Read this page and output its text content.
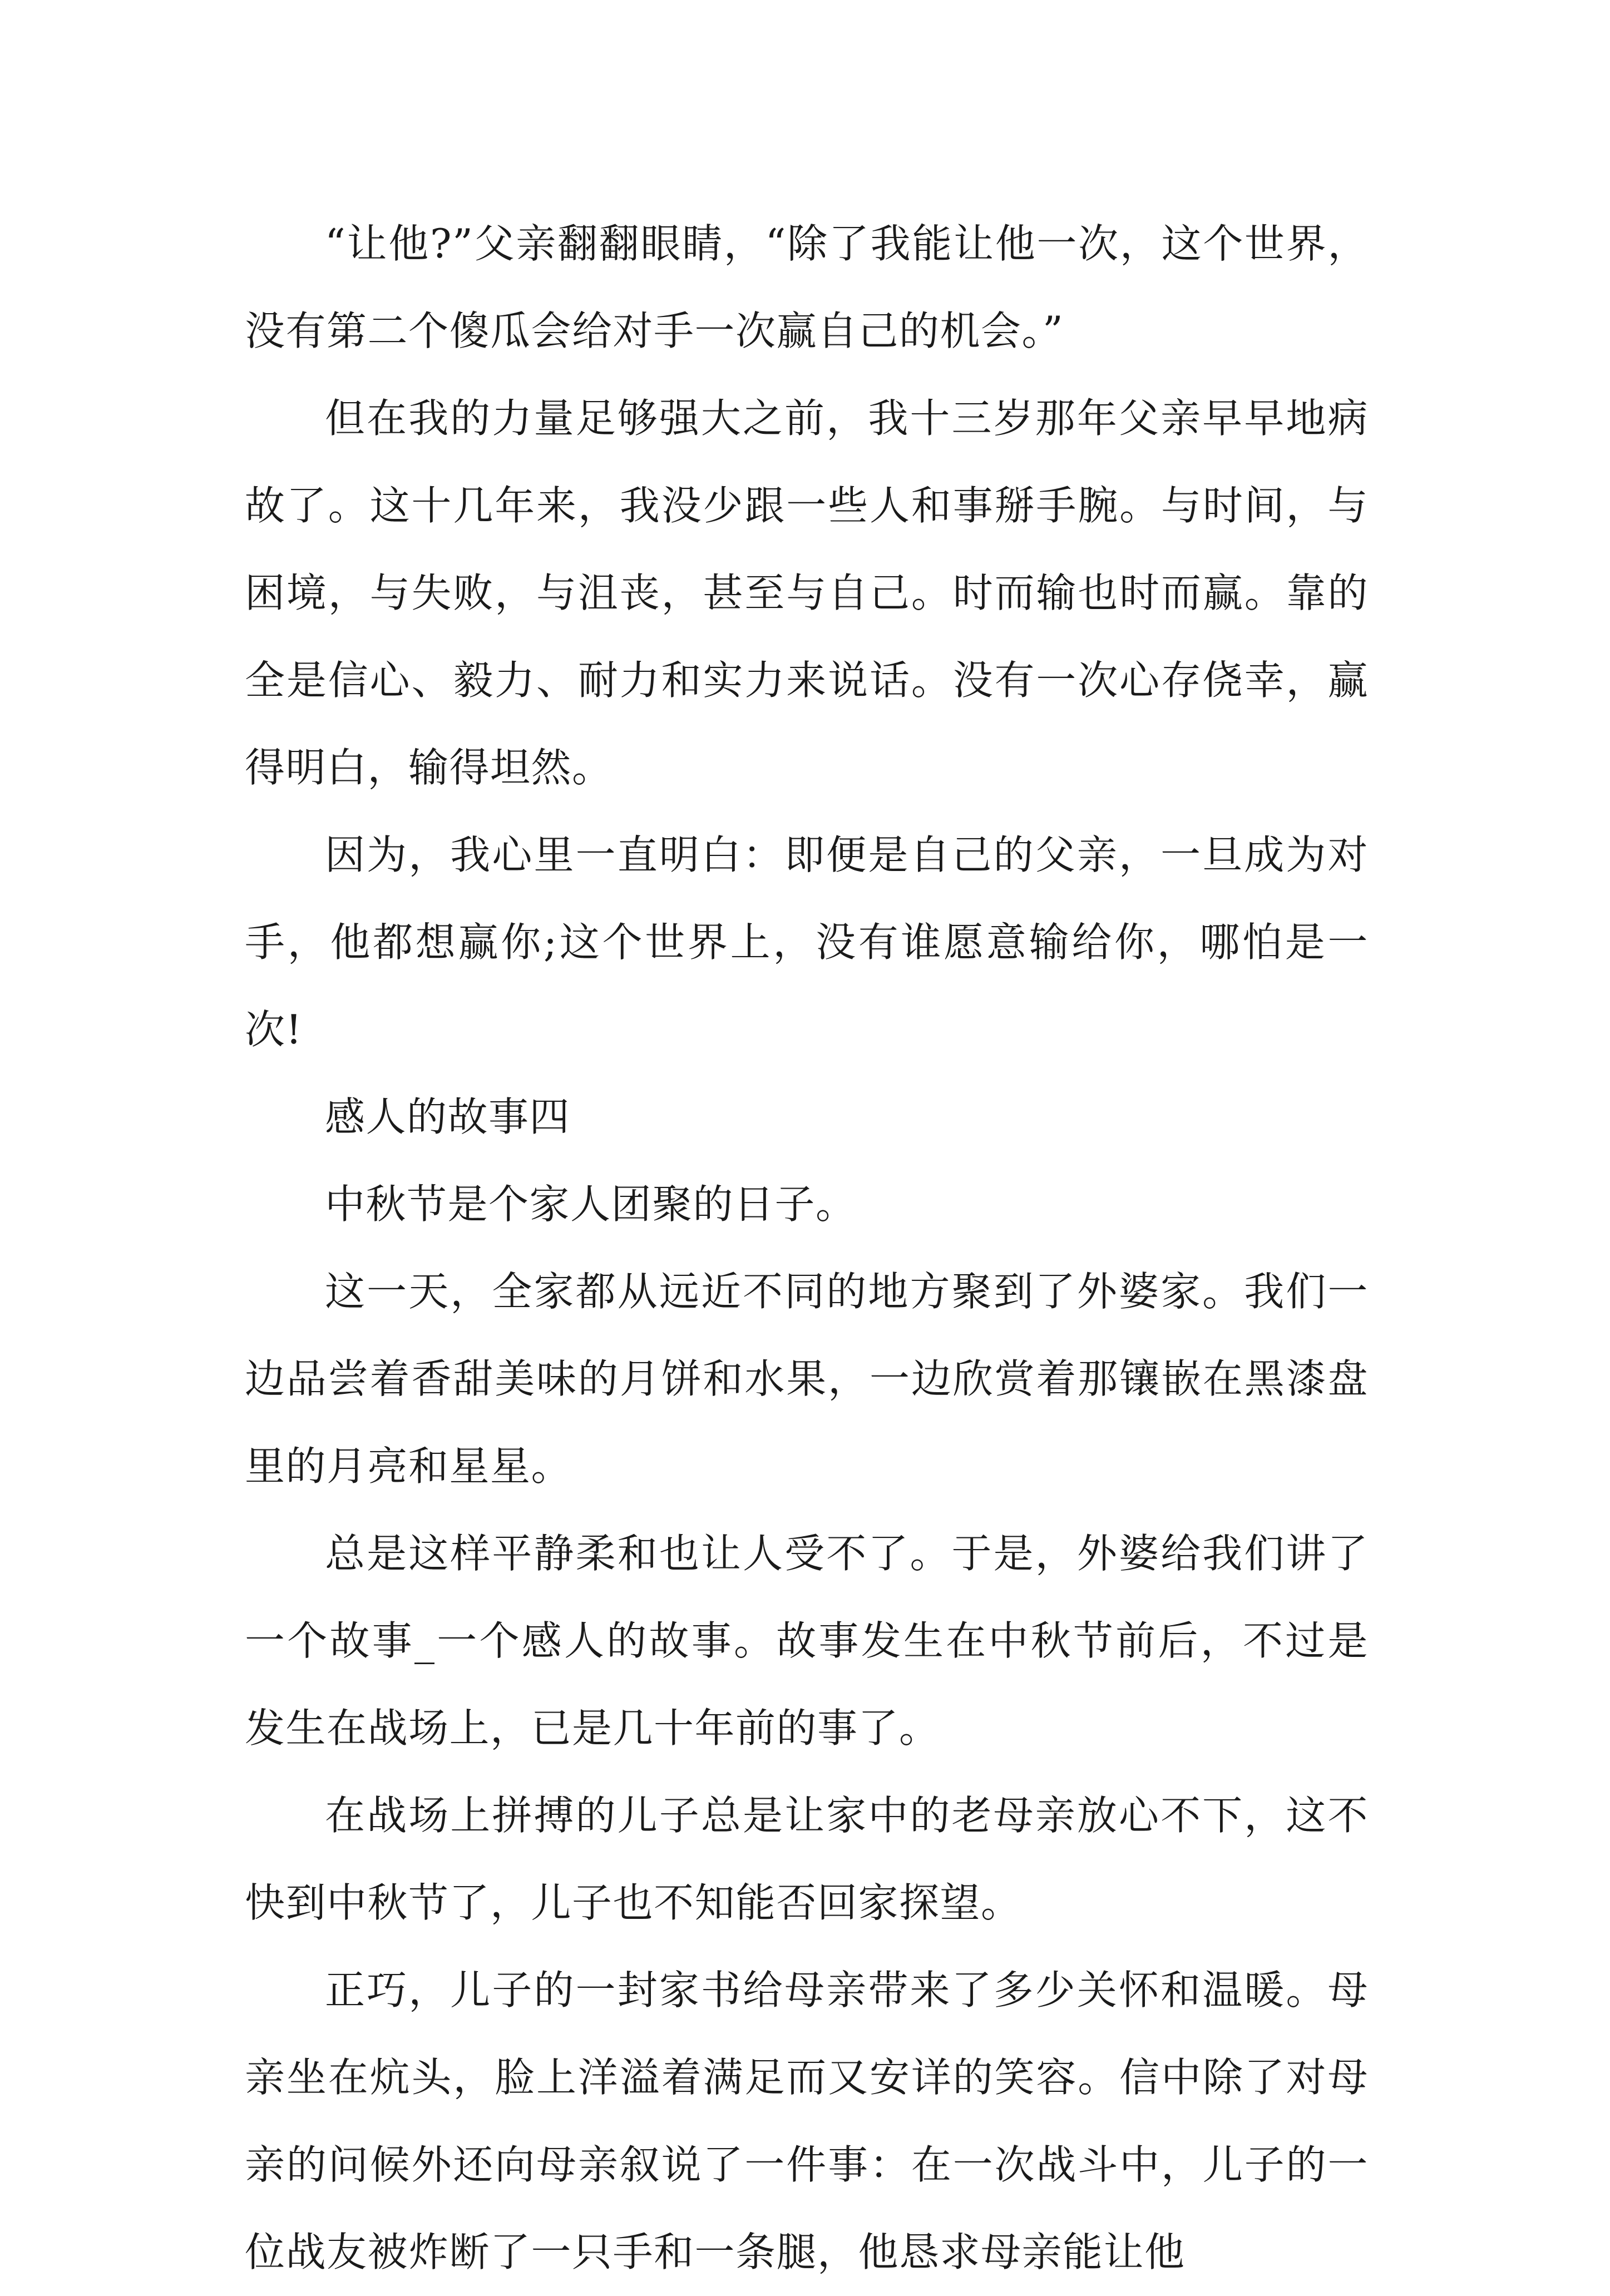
“让他?”父亲翻翻眼睛，“除了我能让他一次，这个世界，没有第二个傻瓜会给对手一次赢自己的机会。”

但在我的力量足够强大之前，我十三岁那年父亲早早地病故了。这十几年来，我没少跟一些人和事掰手腕。与时间，与困境，与失败，与沮丧，甚至与自己。时而输也时而赢。靠的全是信心、毅力、耐力和实力来说话。没有一次心存侥幸，赢得明白，输得坦然。

因为，我心里一直明白：即便是自己的父亲，一旦成为对手，他都想赢你;这个世界上，没有谁愿意输给你，哪怕是一次!

感人的故事四

中秋节是个家人团聚的日子。

这一天，全家都从远近不同的地方聚到了外婆家。我们一边品尝着香甜美味的月饼和水果，一边欣赏着那镶嵌在黑漆盘里的月亮和星星。

总是这样平静柔和也让人受不了。于是，外婆给我们讲了一个故事_一个感人的故事。故事发生在中秋节前后，不过是发生在战场上，已是几十年前的事了。

在战场上拼搏的儿子总是让家中的老母亲放心不下，这不快到中秋节了，儿子也不知能否回家探望。

正巧，儿子的一封家书给母亲带来了多少关怀和温暖。母亲坐在炕头，脸上洋溢着满足而又安详的笑容。信中除了对母亲的问候外还向母亲叙说了一件事：在一次战斗中，儿子的一位战友被炸断了一只手和一条腿，他恳求母亲能让他
